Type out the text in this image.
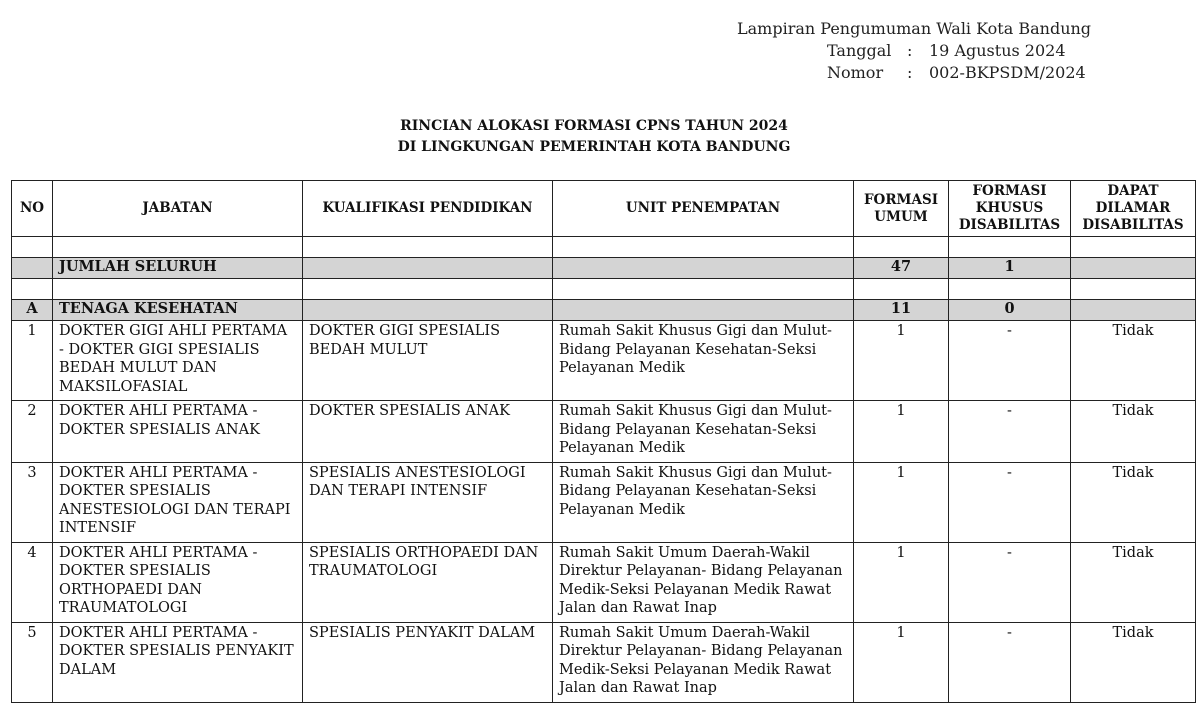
Lampiran Pengumuman Wali Kota Bandung
Tanggal : 19 Agustus 2024
Nomor : 002-BKPSDM/2024
RINCIAN ALOKASI FORMASI CPNS TAHUN 2024
DI LINGKUNGAN PEMERINTAH KOTA BANDUNG
NO	JABATAN	KUALIFIKASI PENDIDIKAN	UNIT PENEMPATAN	FORMASI UMUM	FORMASI KHUSUS DISABILITAS	DAPAT DILAMAR DISABILITAS

	JUMLAH SELURUH			47	1	

A	TENAGA KESEHATAN			11	0	
1	DOKTER GIGI AHLI PERTAMA - DOKTER GIGI SPESIALIS BEDAH MULUT DAN MAKSILOFASIAL	DOKTER GIGI SPESIALIS BEDAH MULUT	Rumah Sakit Khusus Gigi dan Mulut- Bidang Pelayanan Kesehatan-Seksi Pelayanan Medik	1	-	Tidak
2	DOKTER AHLI PERTAMA - DOKTER SPESIALIS ANAK	DOKTER SPESIALIS ANAK	Rumah Sakit Khusus Gigi dan Mulut- Bidang Pelayanan Kesehatan-Seksi Pelayanan Medik	1	-	Tidak
3	DOKTER AHLI PERTAMA - DOKTER SPESIALIS ANESTESIOLOGI DAN TERAPI INTENSIF	SPESIALIS ANESTESIOLOGI DAN TERAPI INTENSIF	Rumah Sakit Khusus Gigi dan Mulut- Bidang Pelayanan Kesehatan-Seksi Pelayanan Medik	1	-	Tidak
4	DOKTER AHLI PERTAMA - DOKTER SPESIALIS ORTHOPAEDI DAN TRAUMATOLOGI	SPESIALIS ORTHOPAEDI DAN TRAUMATOLOGI	Rumah Sakit Umum Daerah-Wakil Direktur Pelayanan- Bidang Pelayanan Medik-Seksi Pelayanan Medik Rawat Jalan dan Rawat Inap	1	-	Tidak
5	DOKTER AHLI PERTAMA - DOKTER SPESIALIS PENYAKIT DALAM	SPESIALIS PENYAKIT DALAM	Rumah Sakit Umum Daerah-Wakil Direktur Pelayanan- Bidang Pelayanan Medik-Seksi Pelayanan Medik Rawat Jalan dan Rawat Inap	1	-	Tidak
